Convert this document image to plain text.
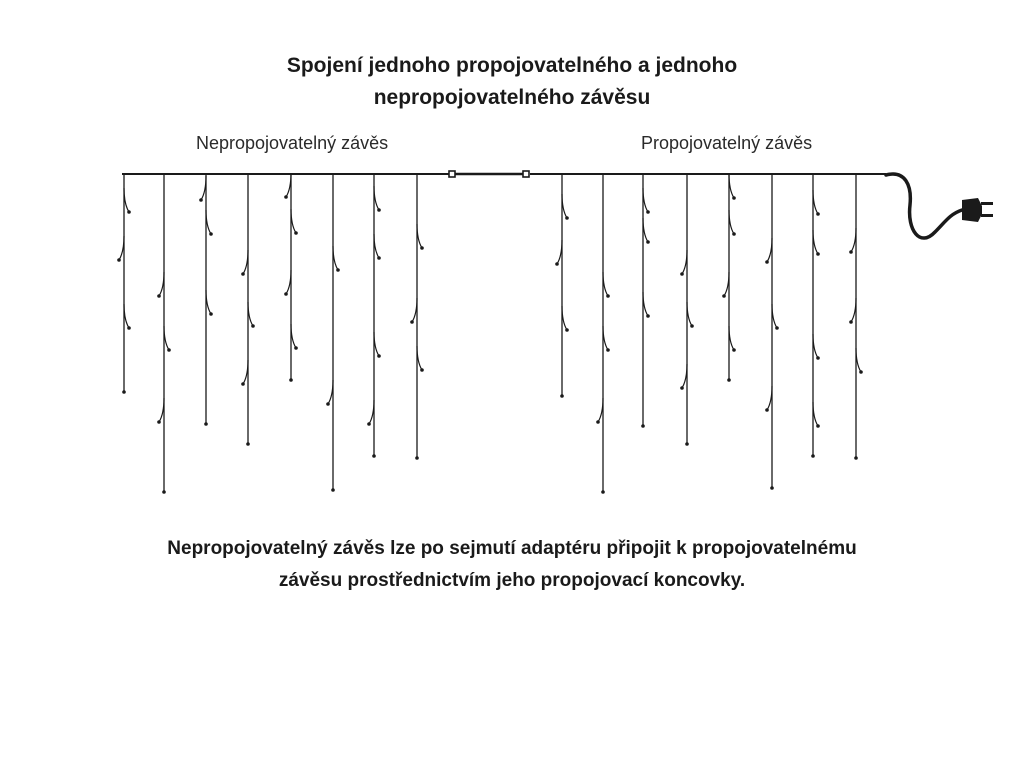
Spojení jednoho propojovatelného a jednoho
nepropojovatelného závěsu
Nepropojovatelný závěs	Propojovatelný závěs
Nepropojovatelný závěs lze po sejmutí adaptéru připojit k propojovatelnému
závěsu prostřednictvím jeho propojovací koncovky.
